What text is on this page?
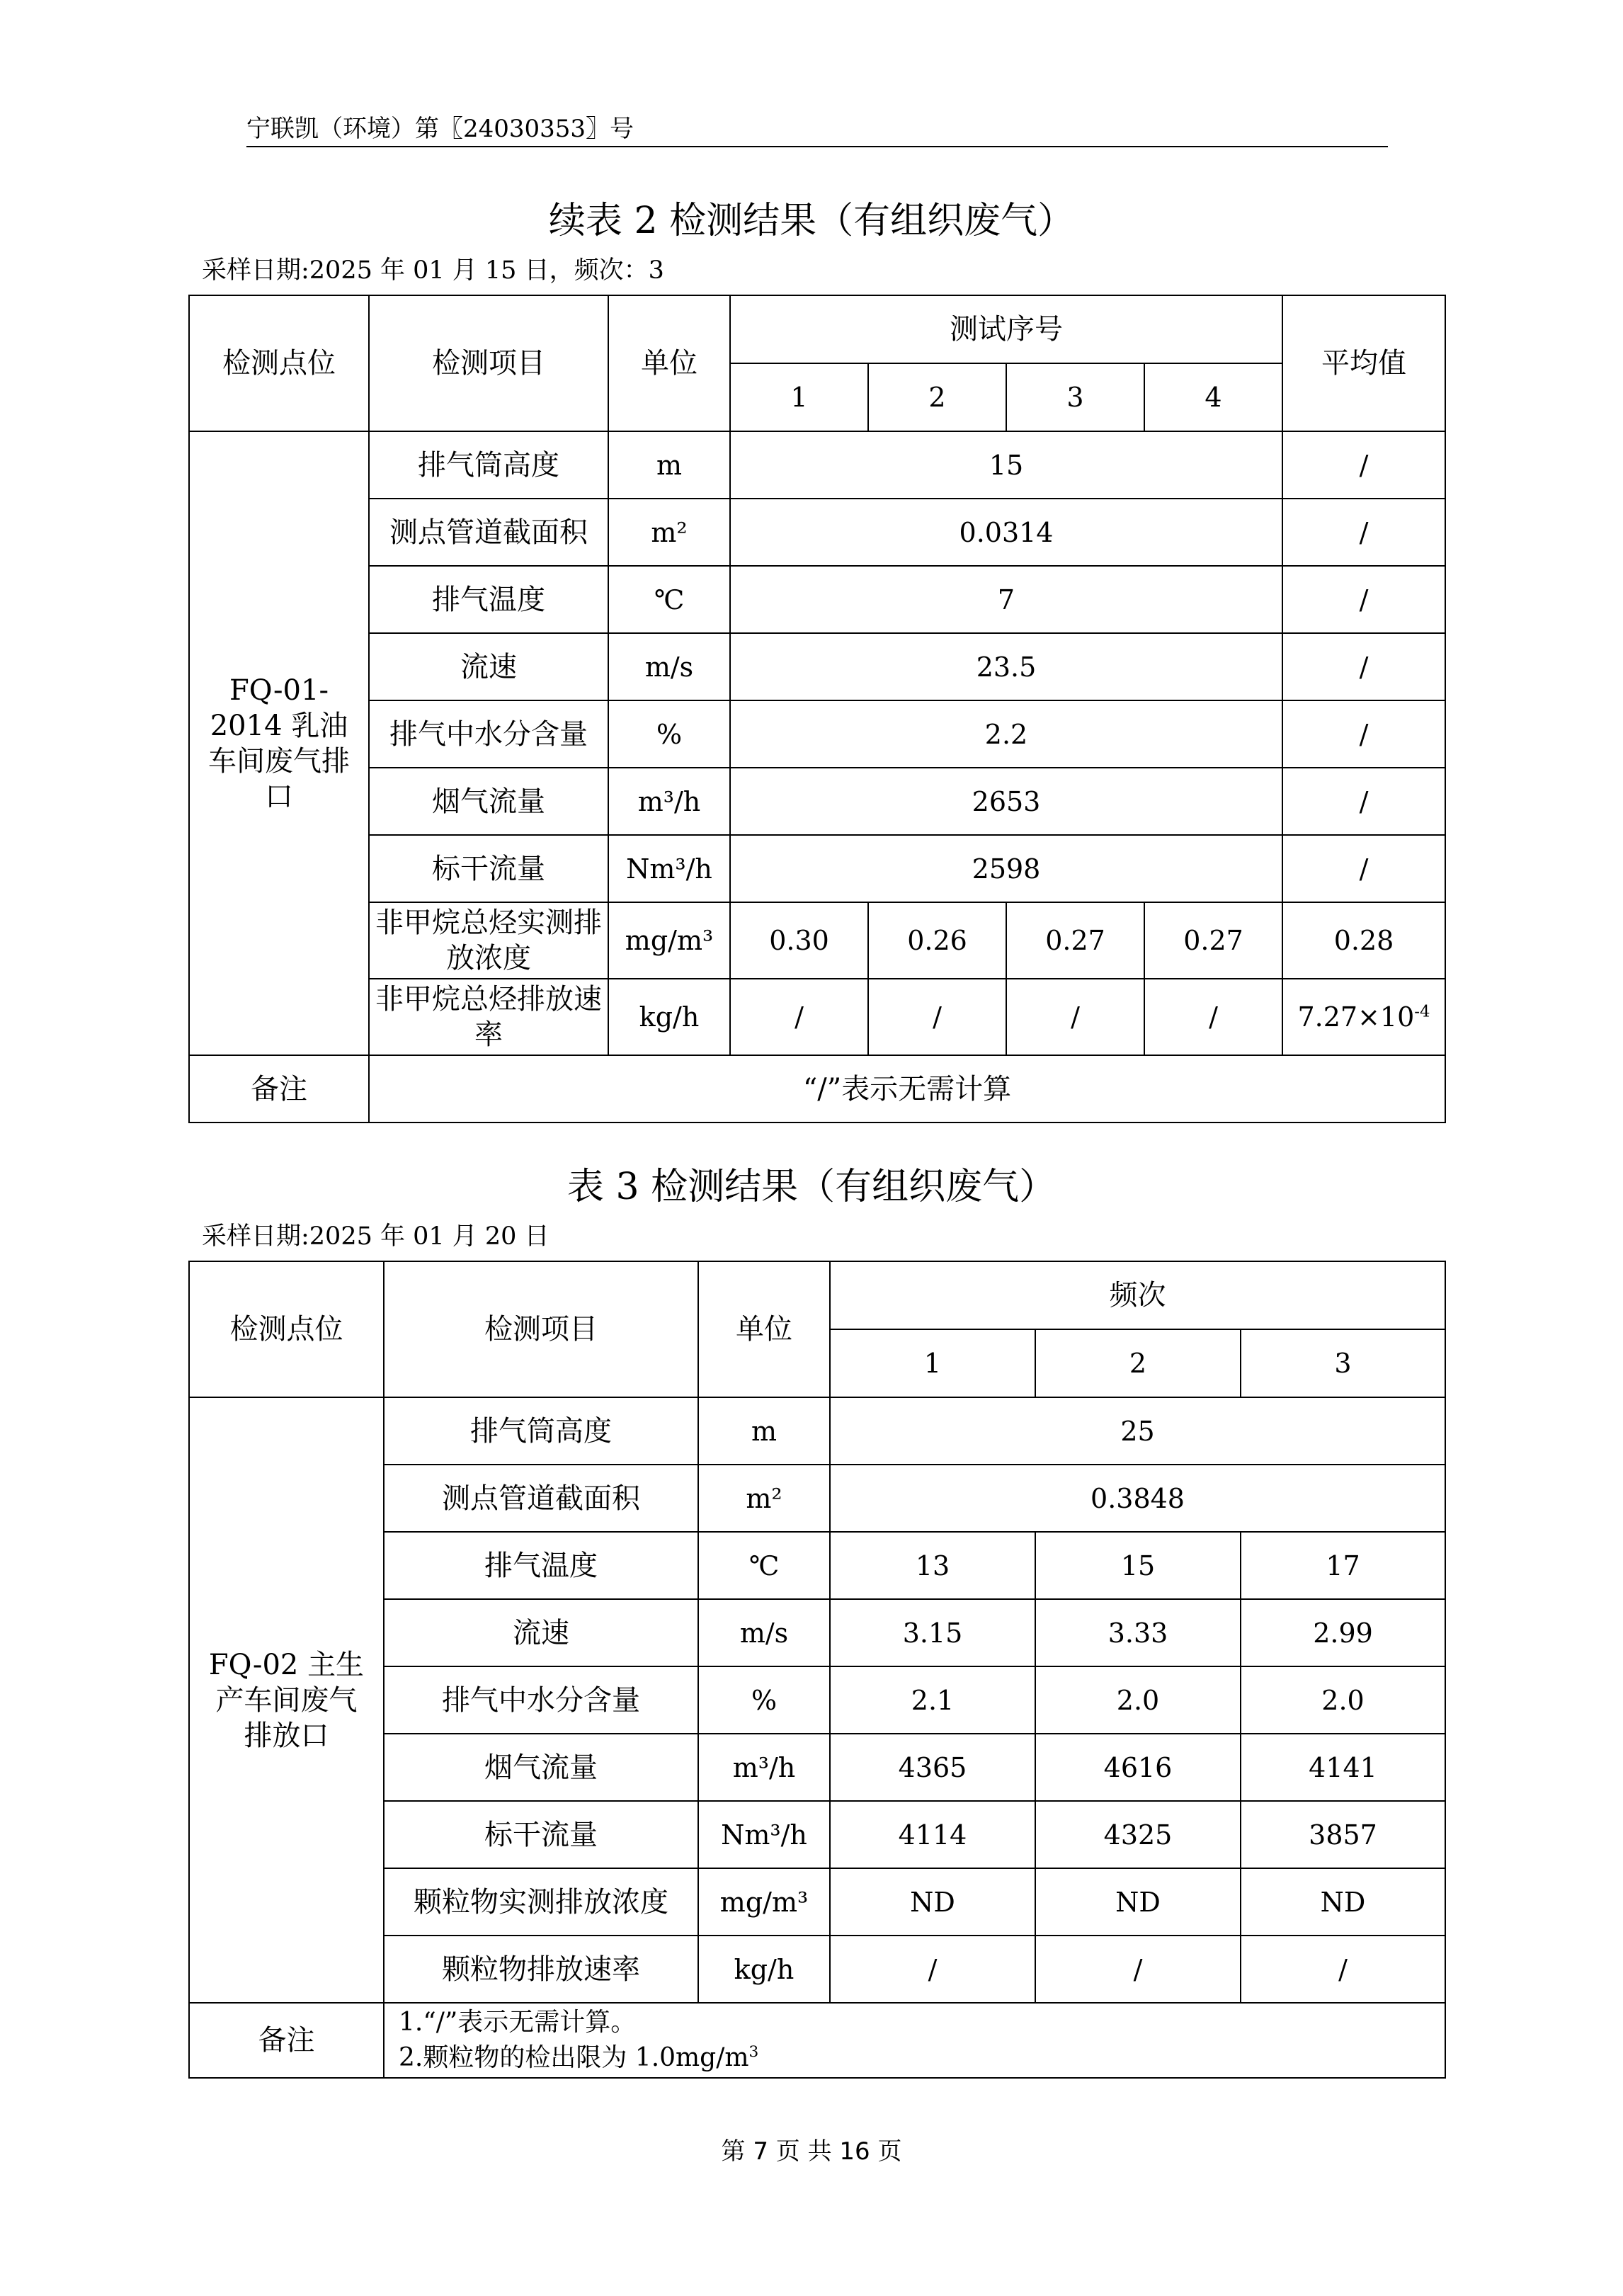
宁联凯（环境）第〖24030353〗号
续表 2 检测结果（有组织废气）
采样日期:2025 年 01 月 15 日，频次：3
检测点位	检测项目	单位	测试序号				平均值
			1	2	3	4	
FQ-01-2014 乳油车间废气排口	排气筒高度	m	15				/
	测点管道截面积	m²	0.0314				/
	排气温度	℃	7				/
	流速	m/s	23.5				/
	排气中水分含量	%	2.2				/
	烟气流量	m³/h	2653				/
	标干流量	Nm³/h	2598				/
	非甲烷总烃实测排放浓度	mg/m³	0.30	0.26	0.27	0.27	0.28
	非甲烷总烃排放速率	kg/h	/	/	/	/	$7.27\times 10^{-4}$
备注	“/”表示无需计算						
表 3 检测结果（有组织废气）
采样日期:2025 年 01 月 20 日
检测点位	检测项目	单位	频次		
			1	2	3
FQ-02 主生产车间废气排放口	排气筒高度	m	25		
	测点管道截面积	m²	0.3848		
	排气温度	℃	13	15	17
	流速	m/s	3.15	3.33	2.99
	排气中水分含量	%	2.1	2.0	2.0
	烟气流量	m³/h	4365	4616	4141
	标干流量	Nm³/h	4114	4325	3857
	颗粒物实测排放浓度	mg/m³	ND	ND	ND
	颗粒物排放速率	kg/h	/	/	/
备注	1.“/”表示无需计算。
2.颗粒物的检出限为 $1.0mg/m^3$
第 7 页 共 16 页
